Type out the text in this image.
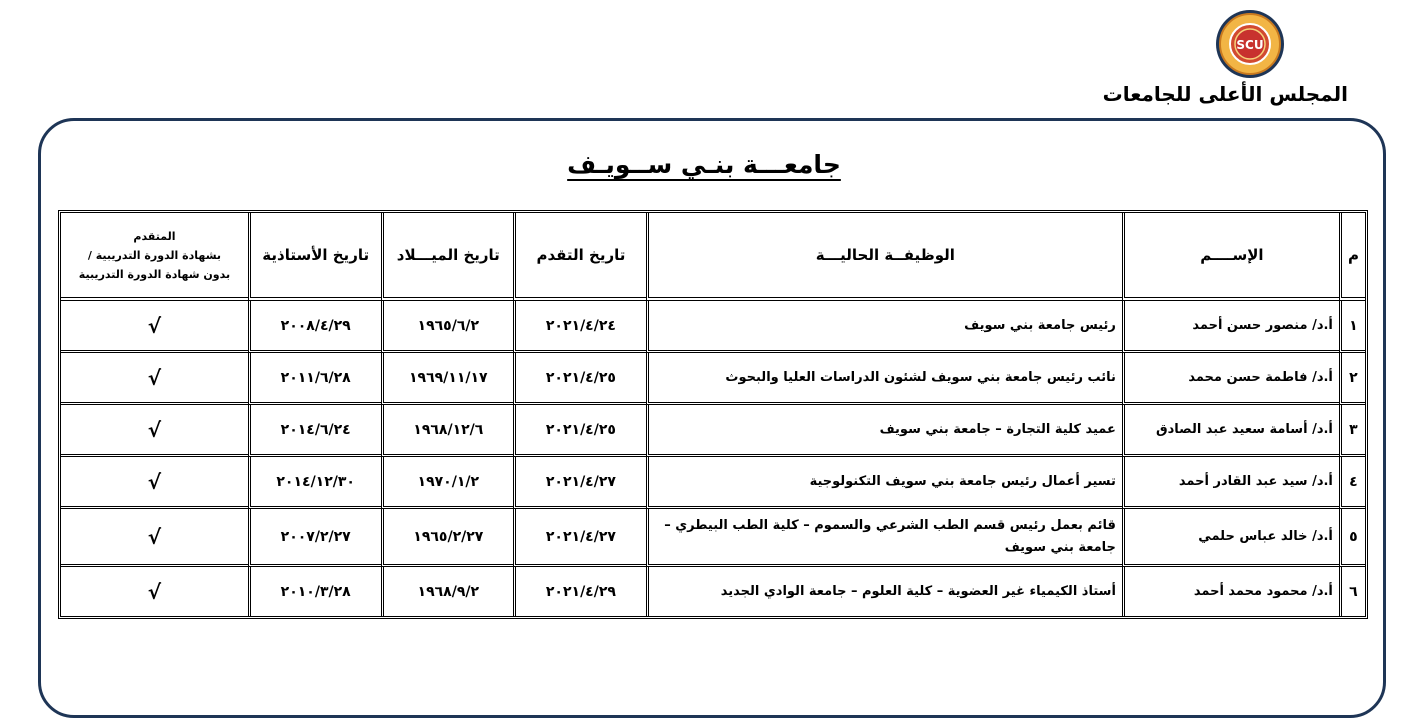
SCU
المجلس الأعلى للجامعات
جامعـــة بنـي ســويـف
م	الإســــم	الوظيفــة الحاليـــة	تاريخ التقدم	تاريخ الميـــلاد	تاريخ الأستاذية	المتقدم
بشهادة الدورة التدريبية /
بدون شهادة الدورة التدريبية

١	أ.د/ منصور حسن أحمد	رئيس جامعة بني سويف	٢٠٢١/٤/٢٤	١٩٦٥/٦/٢	٢٠٠٨/٤/٢٩	√
٢	أ.د/ فاطمة حسن محمد	نائب رئيس جامعة بني سويف لشئون الدراسات العليا والبحوث	٢٠٢١/٤/٢٥	١٩٦٩/١١/١٧	٢٠١١/٦/٢٨	√
٣	أ.د/ أسامة سعيد عبد الصادق	عميد كلية التجارة – جامعة بني سويف	٢٠٢١/٤/٢٥	١٩٦٨/١٢/٦	٢٠١٤/٦/٢٤	√
٤	أ.د/ سيد عبد القادر أحمد	تسير أعمال رئيس جامعة بني سويف التكنولوجية	٢٠٢١/٤/٢٧	١٩٧٠/١/٢	٢٠١٤/١٢/٣٠	√
٥	أ.د/ خالد عباس حلمي	قائم بعمل رئيس قسم الطب الشرعي والسموم – كلية الطب البيطري – جامعة بني سويف	٢٠٢١/٤/٢٧	١٩٦٥/٢/٢٧	٢٠٠٧/٢/٢٧	√
٦	أ.د/ محمود محمد أحمد	أستاذ الكيمياء غير العضوية – كلية العلوم – جامعة الوادي الجديد	٢٠٢١/٤/٢٩	١٩٦٨/٩/٢	٢٠١٠/٣/٢٨	√
